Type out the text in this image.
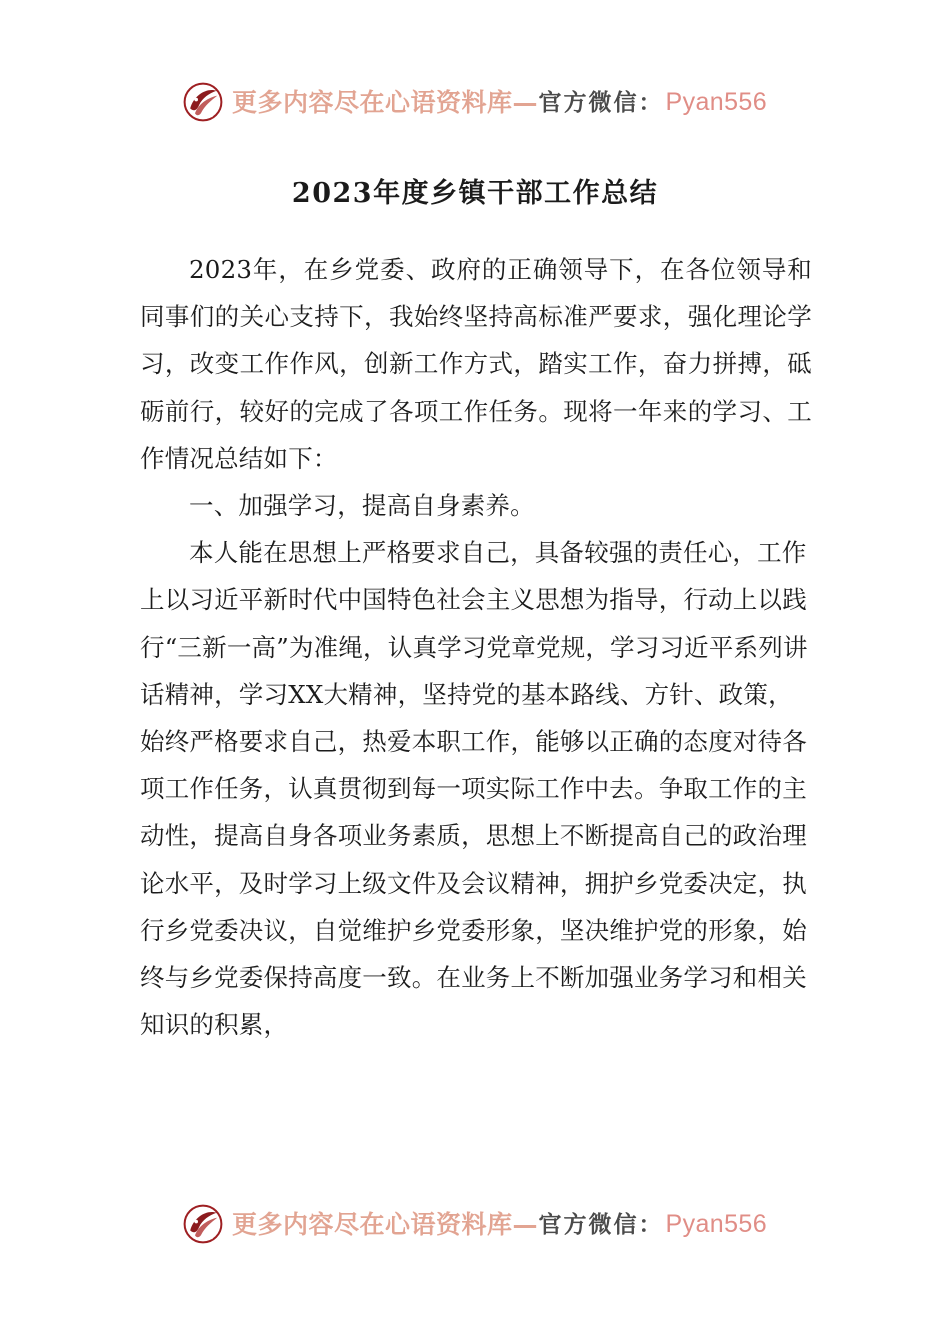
更多内容尽在心语资料库 — 官方微信： Pyan556
2023年度乡镇干部工作总结

2023年，在乡党委、政府的正确领导下，在各位领导和同事们的关心支持下，我始终坚持高标准严要求，强化理论学习，改变工作作风，创新工作方式，踏实工作，奋力拼搏，砥砺前行，较好的完成了各项工作任务。现将一年来的学习、工作情况总结如下：

一、加强学习，提高自身素养。

本人能在思想上严格要求自己，具备较强的责任心，工作上以习近平新时代中国特色社会主义思想为指导，行动上以践行“三新一高”为准绳，认真学习党章党规，学习习近平系列讲话精神，学习XX大精神，坚持党的基本路线、方针、政策，始终严格要求自己，热爱本职工作，能够以正确的态度对待各项工作任务，认真贯彻到每一项实际工作中去。争取工作的主动性，提高自身各项业务素质，思想上不断提高自己的政治理论水平，及时学习上级文件及会议精神，拥护乡党委决定，执行乡党委决议，自觉维护乡党委形象，坚决维护党的形象，始终与乡党委保持高度一致。在业务上不断加强业务学习和相关知识的积累，

更多内容尽在心语资料库 — 官方微信： Pyan556
